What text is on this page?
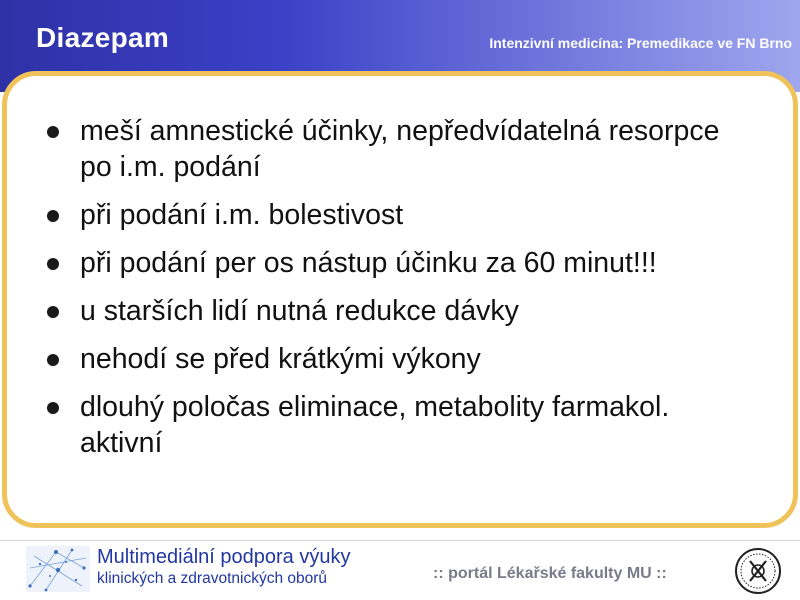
Diazepam	Intenzivní medicína: Premedikace ve FN Brno
meší amnestické účinky, nepředvídatelná resorpce po i.m. podání
při podání i.m. bolestivost
při podání per os nástup účinku za 60 minut!!!
u starších lidí nutná redukce dávky
nehodí se před krátkými výkony
dlouhý poločas eliminace, metabolity farmakol. aktivní
Multimediální podpora výuky
klinických a zdravotnických oborů	:: portál Lékařské fakulty MU ::
